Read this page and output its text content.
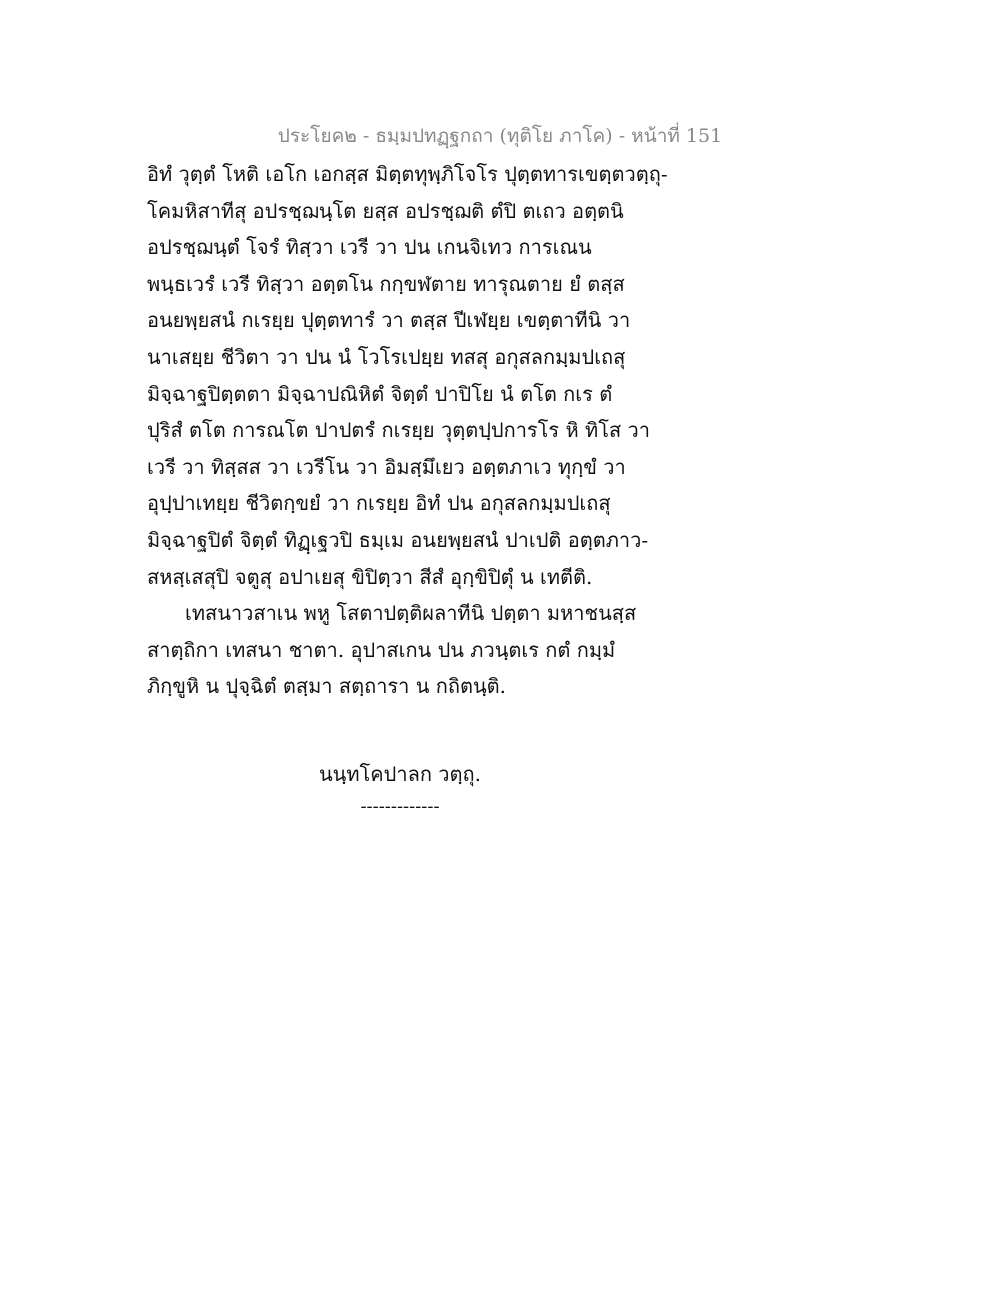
ประโยค๒ - ธมฺมปทฏฺฐกถา (ทุติโย ภาโค) - หน้าที่ 151
อิทํ วุตฺตํ โหติ เอโก เอกสฺส มิตฺตทุพฺภิโจโร ปุตฺตทารเขตฺตวตฺถุ-
โคมหิสาทีสุ อปรชฺฌนฺโต ยสฺส อปรชฺฌติ ตํปิ ตเถว อตฺตนิ
อปรชฺฌนฺตํ โจรํ ทิสฺวา เวรี วา ปน เกนจิเทว การเณน
พนฺธเวรํ เวรี ทิสฺวา อตฺตโน กกฺขฬตาย ทารุณตาย ยํ ตสฺส
อนยพฺยสนํ กเรยฺย ปุตฺตทารํ วา ตสฺส ปีเฬยฺย เขตฺตาทีนิ วา
นาเสยฺย ชีวิตา วา ปน นํ โวโรเปยฺย ทสสุ อกุสลกมฺมปเถสุ
มิจฺฉาฐปิตฺตตา มิจฺฉาปณิหิตํ จิตฺตํ ปาปิโย นํ ตโต กเร ตํ
ปุริสํ ตโต การณโต ปาปตรํ กเรยฺย วุตฺตปฺปการโร หิ ทิโส วา
เวรี วา ทิสฺสส วา เวรีโน วา อิมสฺมึเยว อตฺตภาเว ทุกฺขํ วา
อุปฺปาเทยฺย ชีวิตกฺขยํ วา กเรยฺย อิทํ ปน อกุสลกมฺมปเถสุ
มิจฺฉาฐปิตํ จิตฺตํ ทิฏฺเฐวปิ ธมฺเม อนยพฺยสนํ ปาเปติ อตฺตภาว-
สหสฺเสสุปิ จตูสุ อปาเยสุ ขิปิตฺวา สีสํ อุกฺขิปิตุํ น เทตีติ.
เทสนาวสาเน พหู โสตาปตฺติผลาทีนิ ปตฺตา มหาชนสฺส
สาตฺถิกา เทสนา ชาตา. อุปาสเกน ปน ภวนฺตเร กตํ กมฺมํ
ภิกฺขูหิ น ปุจฺฉิตํ ตสฺมา สตฺถารา น กถิตนฺติ.
นนฺทโคปาลก วตฺถุ.
-------------
